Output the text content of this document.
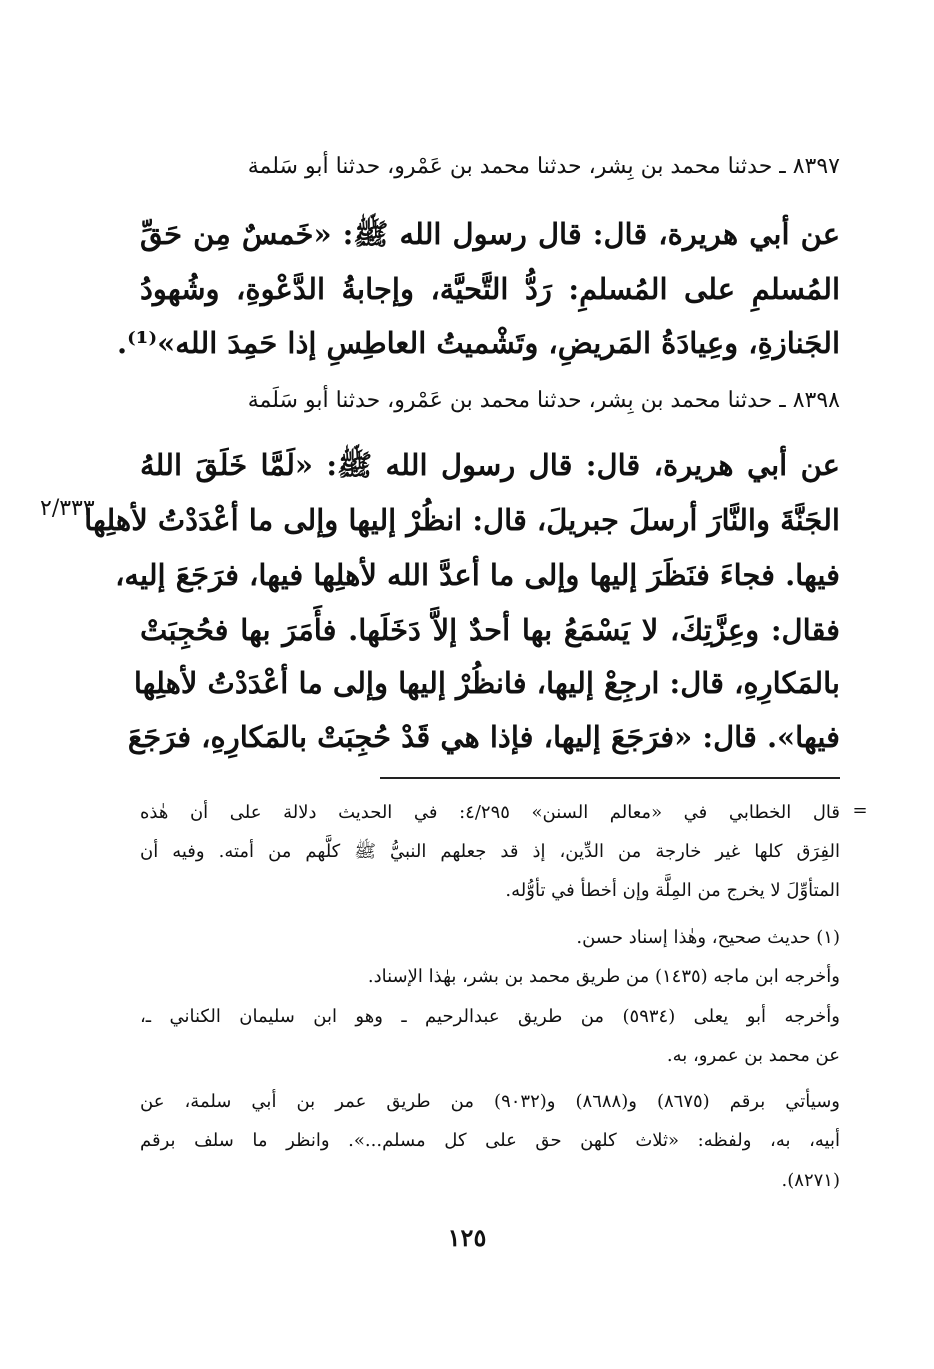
٨٣٩٧ ـ حدثنا محمد بن بِشر، حدثنا محمد بن عَمْرو، حدثنا أبو سَلمة
عن أبي هريرة، قال: قال رسول الله ﷺ: «خَمسٌ مِن حَقِّ
المُسلمِ على المُسلمِ: رَدُّ التَّحيَّة، وإجابةُ الدَّعْوةِ، وشُهودُ
الجَنازةِ، وعِيادَةُ المَريضِ، وتَشْميتُ العاطِسِ إذا حَمِدَ الله»⁽¹⁾.
٨٣٩٨ ـ حدثنا محمد بن بِشر، حدثنا محمد بن عَمْرو، حدثنا أبو سَلَمة
عن أبي هريرة، قال: قال رسول الله ﷺ: «لَمَّا خَلَقَ اللهُ
الجَنَّةَ والنَّارَ أرسلَ جبريلَ، قال: انظُرْ إليها وإلى ما أعْدَدْتُ لأهلِها
فيها. فجاءَ فنَظَرَ إليها وإلى ما أعدَّ الله لأهلِها فيها، فرَجَعَ إليه،
فقال: وعِزَّتِكَ، لا يَسْمَعُ بها أحدٌ إلاَّ دَخَلَها. فأَمَرَ بها فحُجِبَتْ
بالمَكارِهِ، قال: ارجِعْ إليها، فانظُرْ إليها وإلى ما أعْدَدْتُ لأهلِها
فيها». قال: «فرَجَعَ إليها، فإذا هي قَدْ حُجِبَتْ بالمَكارِهِ، فرَجَعَ
٢/٣٣٣
=
قال الخطابي في «معالم السنن» ٤/٢٩٥: في الحديث دلالة على أن هٰذه
الفِرَق كلها غير خارجة من الدِّين، إذ قد جعلهم النبيُّ ﷺ كلَّهم من أمته. وفيه أن
المتأوِّلَ لا يخرج من المِلَّة وإن أخطأ في تأوُّله.
(١) حديث صحيح، وهٰذا إسناد حسن.
وأخرجه ابن ماجه (١٤٣٥) من طريق محمد بن بشر، بهٰذا الإسناد.
وأخرجه أبو يعلى (٥٩٣٤) من طريق عبدالرحيم ـ وهو ابن سليمان الكناني ـ،
عن محمد بن عمرو، به.
وسيأتي برقم (٨٦٧٥) و(٨٦٨٨) و(٩٠٣٢) من طريق عمر بن أبي سلمة، عن
أبيه، به، ولفظه: «ثلاث كلهن حق على كل مسلم...». وانظر ما سلف برقم
(٨٢٧١).
١٢٥
